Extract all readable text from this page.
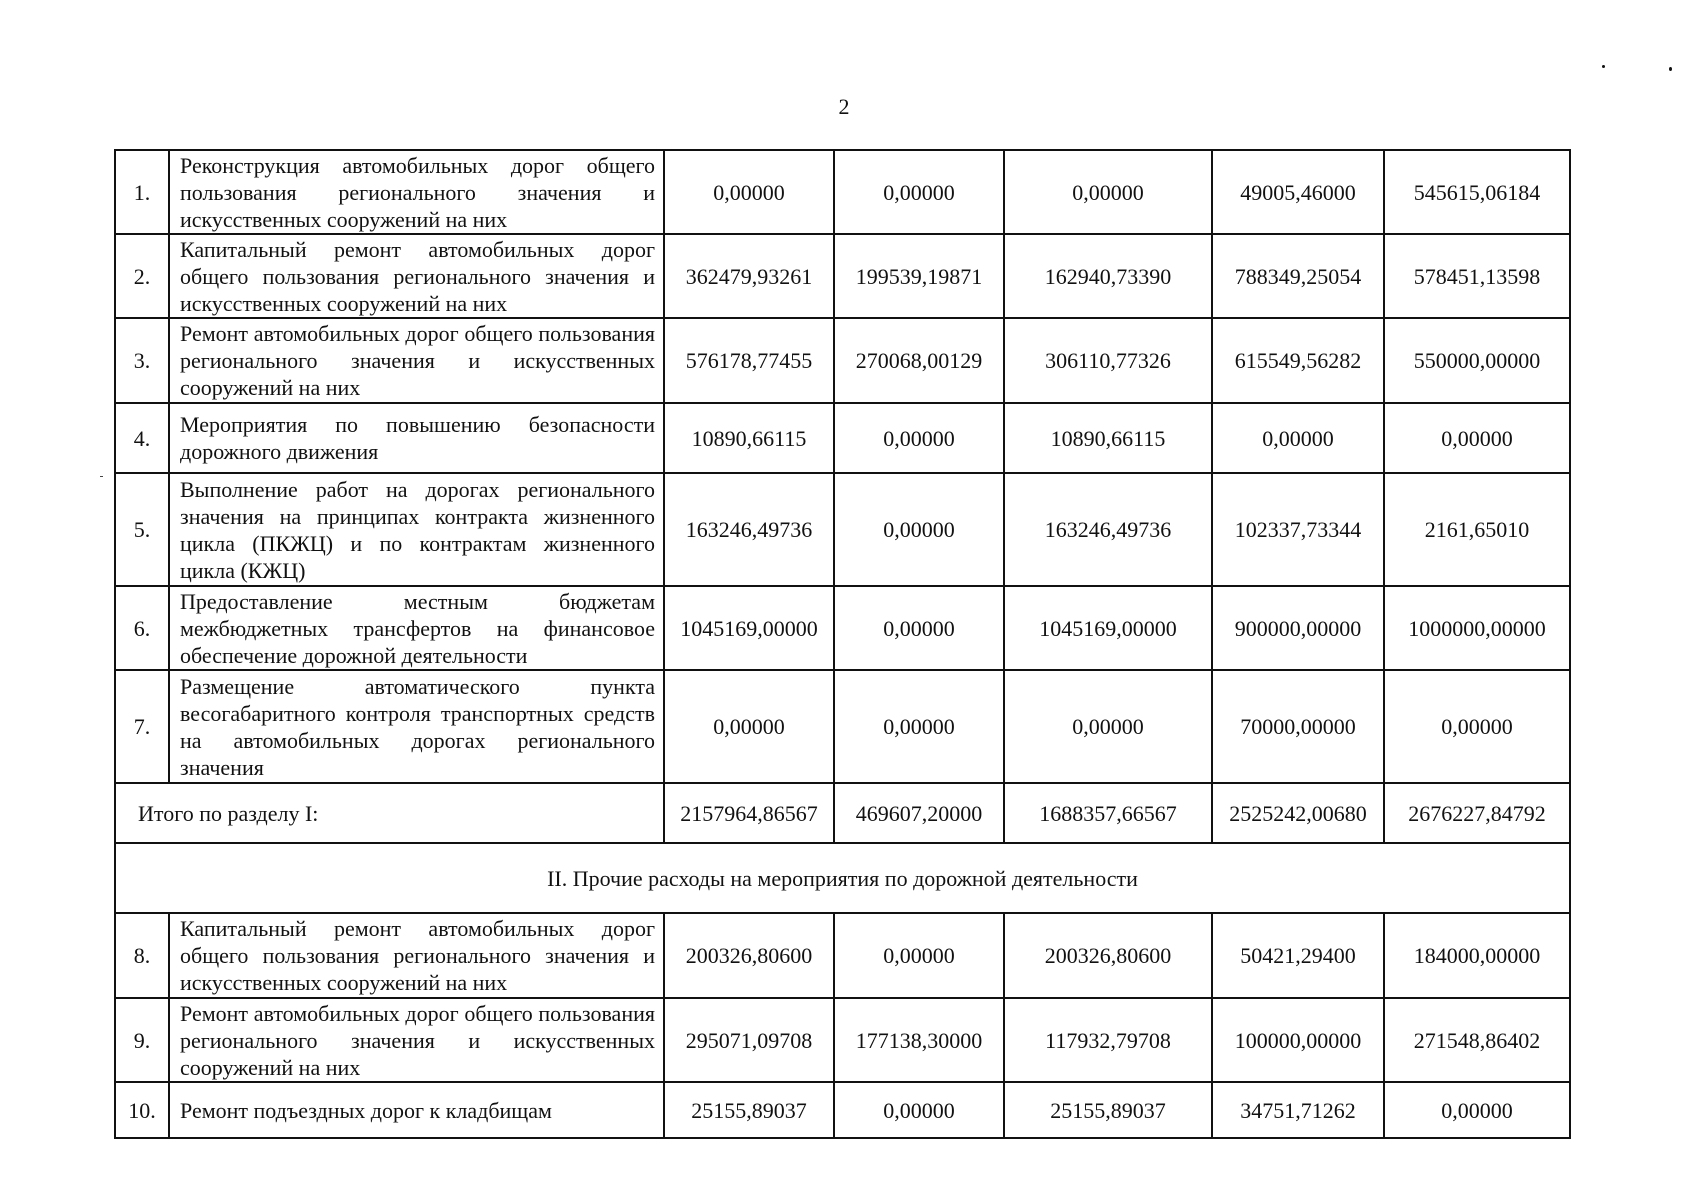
2
1.	Реконструкция автомобильных дорог общего пользования регионального значения и искусственных сооружений на них	0,00000	0,00000	0,00000	49005,46000	545615,06184
2.	Капитальный ремонт автомобильных дорог общего пользования регионального значения и искусственных сооружений на них	362479,93261	199539,19871	162940,73390	788349,25054	578451,13598
3.	Ремонт автомобильных дорог общего пользования регионального значения и искусственных сооружений на них	576178,77455	270068,00129	306110,77326	615549,56282	550000,00000
4.	Мероприятия по повышению безопасности дорожного движения	10890,66115	0,00000	10890,66115	0,00000	0,00000
5.	Выполнение работ на дорогах регионального значения на принципах контракта жизненного цикла (ПКЖЦ) и по контрактам жизненного цикла (КЖЦ)	163246,49736	0,00000	163246,49736	102337,73344	2161,65010
6.	Предоставление местным бюджетам межбюджетных трансфертов на финансовое обеспечение дорожной деятельности	1045169,00000	0,00000	1045169,00000	900000,00000	1000000,00000
7.	Размещение автоматического пункта весогабаритного контроля транспортных средств на автомобильных дорогах регионального значения	0,00000	0,00000	0,00000	70000,00000	0,00000
Итого по разделу I:		2157964,86567	469607,20000	1688357,66567	2525242,00680	2676227,84792
II. Прочие расходы на мероприятия по дорожной деятельности						
8.	Капитальный ремонт автомобильных дорог общего пользования регионального значения и искусственных сооружений на них	200326,80600	0,00000	200326,80600	50421,29400	184000,00000
9.	Ремонт автомобильных дорог общего пользования регионального значения и искусственных сооружений на них	295071,09708	177138,30000	117932,79708	100000,00000	271548,86402
10.	Ремонт подъездных дорог к кладбищам	25155,89037	0,00000	25155,89037	34751,71262	0,00000
